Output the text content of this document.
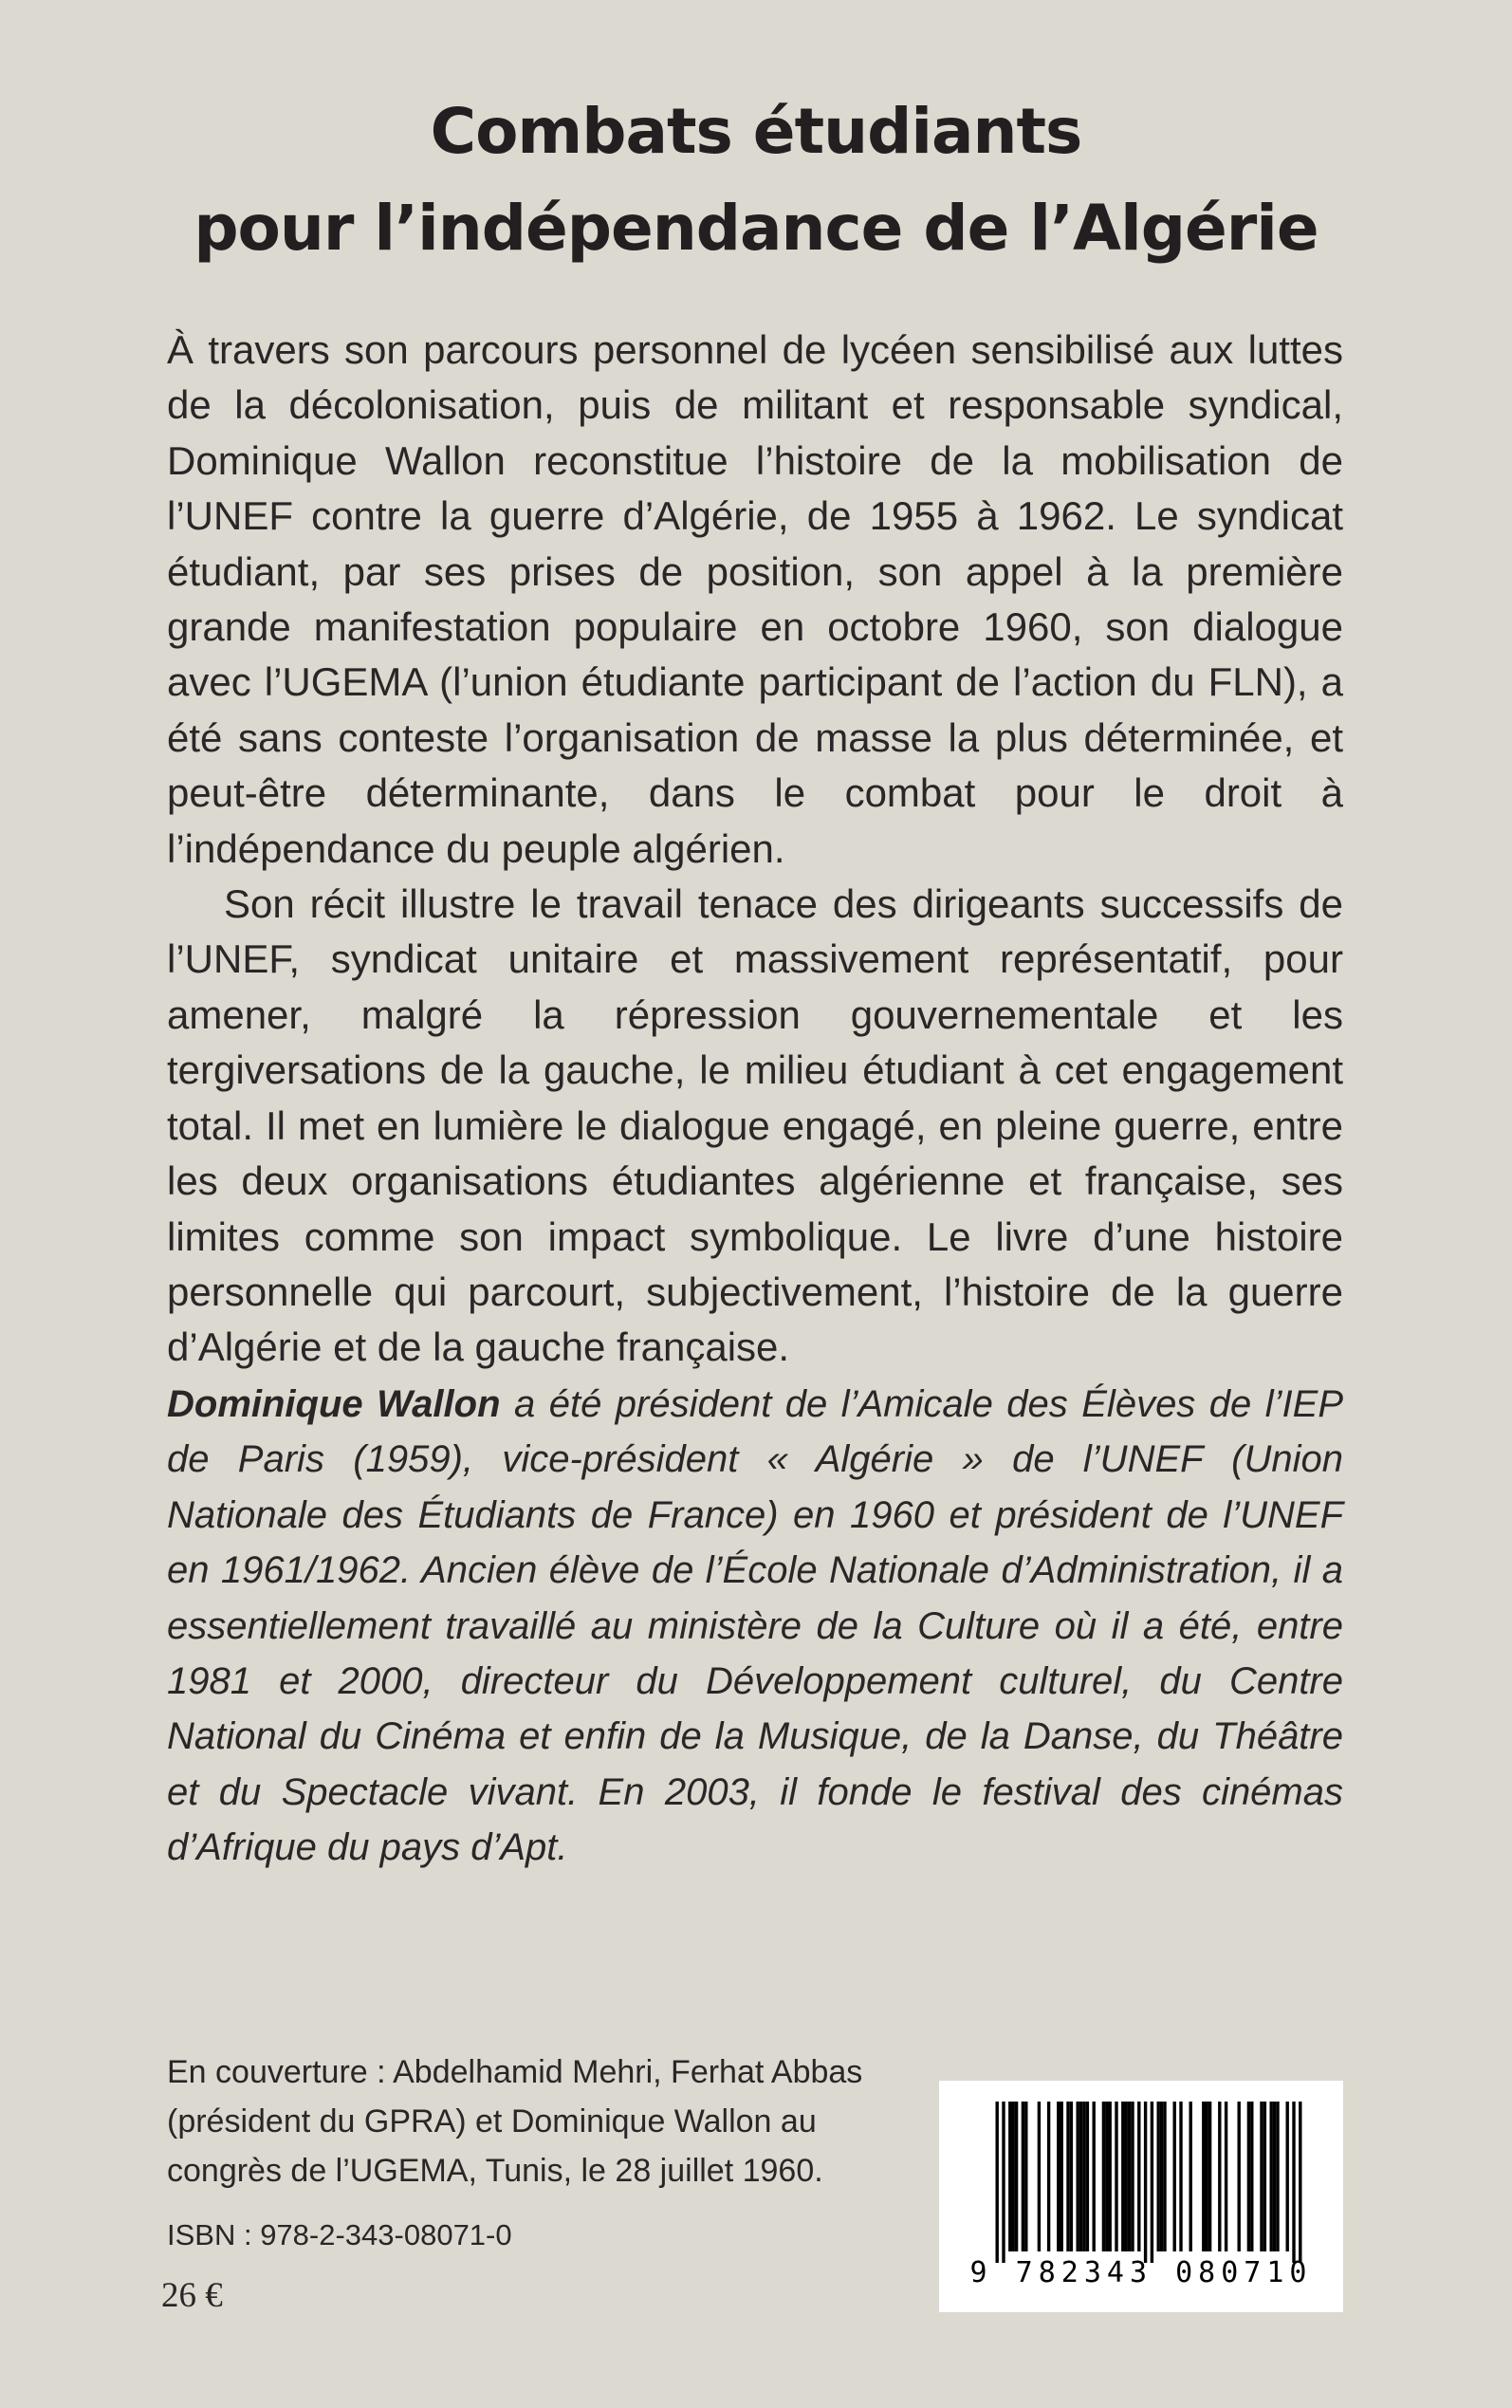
Combats étudiants
pour l’indépendance de l’Algérie

À travers son parcours personnel de lycéen sensibilisé aux luttes de la décolonisation, puis de militant et responsable syndical, Dominique Wallon reconstitue l’histoire de la mobilisation de l’UNEF contre la guerre d’Algérie, de 1955 à 1962. Le syndicat étudiant, par ses prises de position, son appel à la première grande manifestation populaire en octobre 1960, son dialogue avec l’UGEMA (l’union étudiante participant de l’action du FLN), a été sans conteste l’organisation de masse la plus déterminée, et peut-être déterminante, dans le combat pour le droit à l’indépendance du peuple algérien.

Son récit illustre le travail tenace des dirigeants successifs de l’UNEF, syndicat unitaire et massivement représentatif, pour amener, malgré la répression gouvernementale et les tergiversations de la gauche, le milieu étudiant à cet engagement total. Il met en lumière le dialogue engagé, en pleine guerre, entre les deux organisations étudiantes algérienne et française, ses limites comme son impact symbolique. Le livre d’une histoire personnelle qui parcourt, subjectivement, l’histoire de la guerre d’Algérie et de la gauche française.

Dominique Wallon a été président de l’Amicale des Élèves de l’IEP de Paris (1959), vice-président « Algérie » de l’UNEF (Union Nationale des Étudiants de France) en 1960 et président de l’UNEF en 1961/1962. Ancien élève de l’École Nationale d’Administration, il a essentiellement travaillé au ministère de la Culture où il a été, entre 1981 et 2000, directeur du Développement culturel, du Centre National du Cinéma et enfin de la Musique, de la Danse, du Théâtre et du Spectacle vivant. En 2003, il fonde le festival des cinémas d’Afrique du pays d’Apt.

En couverture : Abdelhamid Mehri, Ferhat Abbas
(président du GPRA) et Dominique Wallon au
congrès de l’UGEMA, Tunis, le 28 juillet 1960.

ISBN : 978-2-343-08071-0
26 €
9 782343 080710
